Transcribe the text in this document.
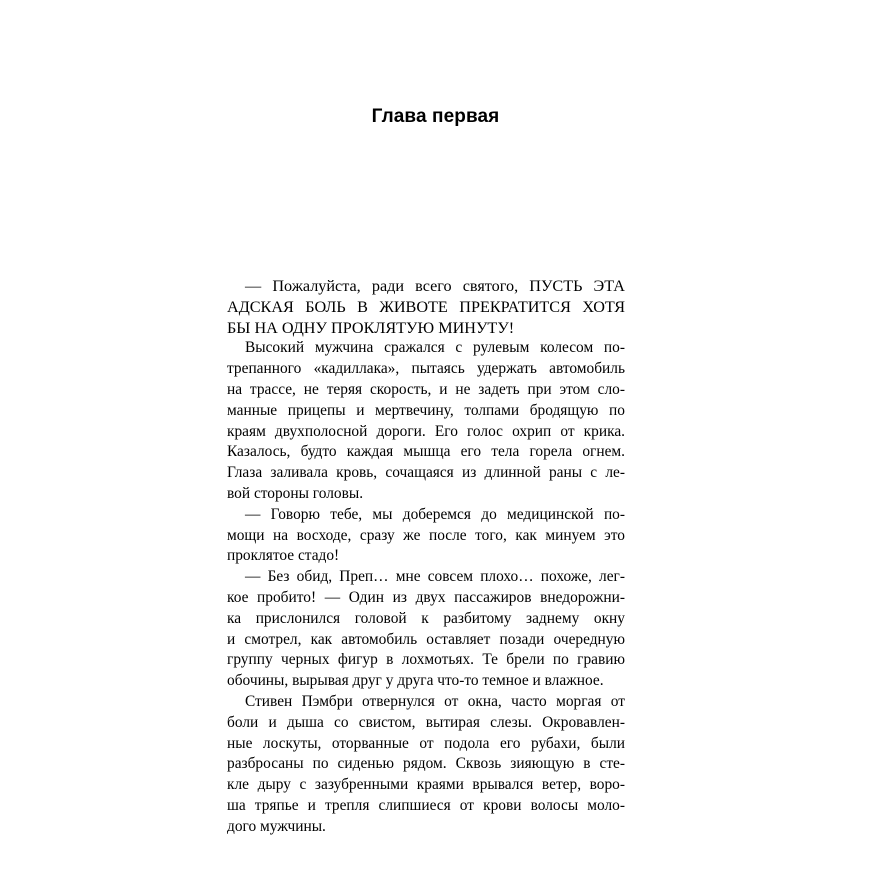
Глава первая
— Пожалуйста, ради всего святого, ПУСТЬ ЭТА
АДСКАЯ БОЛЬ В ЖИВОТЕ ПРЕКРАТИТСЯ ХОТЯ
БЫ НА ОДНУ ПРОКЛЯТУЮ МИНУТУ!
Высокий мужчина сражался с рулевым колесом по-
трепанного «кадиллака», пытаясь удержать автомобиль
на трассе, не теряя скорость, и не задеть при этом сло-
манные прицепы и мертвечину, толпами бродящую по
краям двухполосной дороги. Его голос охрип от крика.
Казалось, будто каждая мышца его тела горела огнем.
Глаза заливала кровь, сочащаяся из длинной раны с ле-
вой стороны головы.
— Говорю тебе, мы доберемся до медицинской по-
мощи на восходе, сразу же после того, как минуем это
проклятое стадо!
— Без обид, Преп… мне совсем плохо… похоже, лег-
кое пробито! — Один из двух пассажиров внедорожни-
ка прислонился головой к разбитому заднему окну
и смотрел, как автомобиль оставляет позади очередную
группу черных фигур в лохмотьях. Те брели по гравию
обочины, вырывая друг у друга что-то темное и влажное.
Стивен Пэмбри отвернулся от окна, часто моргая от
боли и дыша со свистом, вытирая слезы. Окровавлен-
ные лоскуты, оторванные от подола его рубахи, были
разбросаны по сиденью рядом. Сквозь зияющую в сте-
кле дыру с зазубренными краями врывался ветер, воро-
ша тряпье и трепля слипшиеся от крови волосы моло-
дого мужчины.
